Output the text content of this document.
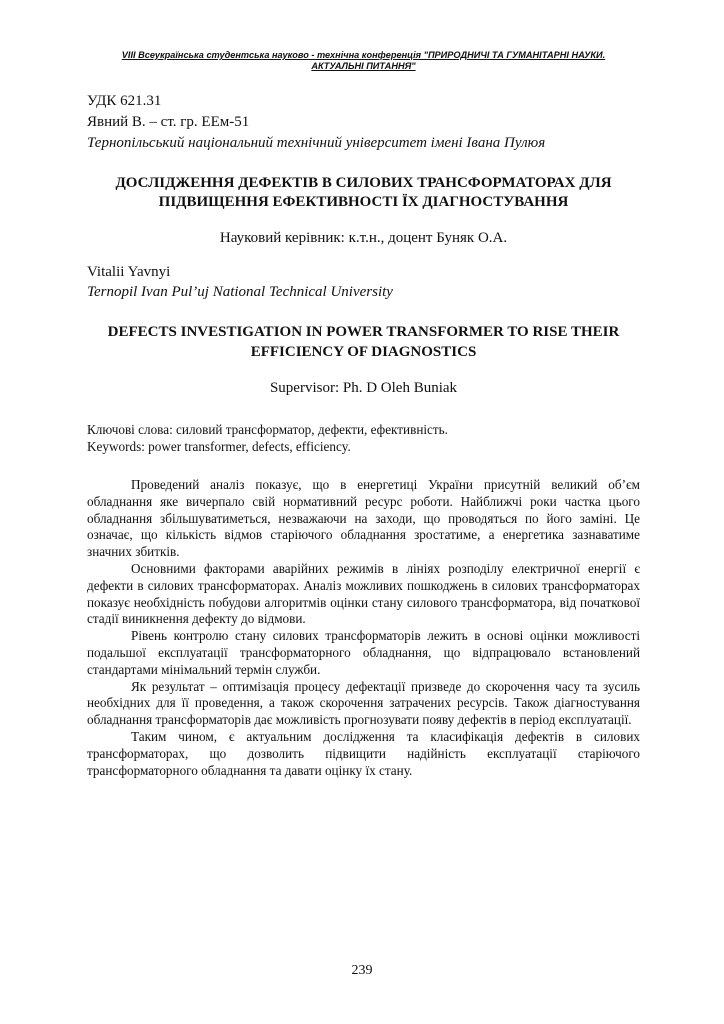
VIII Всеукраїнська студентська науково - технічна конференція "ПРИРОДНИЧІ ТА ГУМАНІТАРНІ НАУКИ. АКТУАЛЬНІ ПИТАННЯ"
УДК 621.31
Явний В. – ст. гр. ЕЕм-51
Тернопільський національний технічний університет імені Івана Пулюя
ДОСЛІДЖЕННЯ ДЕФЕКТІВ В СИЛОВИХ ТРАНСФОРМАТОРАХ ДЛЯ ПІДВИЩЕННЯ ЕФЕКТИВНОСТІ ЇХ ДІАГНОСТУВАННЯ
Науковий керівник: к.т.н., доцент Буняк О.А.
Vitalii Yavnyi
Ternopil Ivan Pul’uj National Technical University
DEFECTS INVESTIGATION IN POWER TRANSFORMER TO RISE THEIR EFFICIENCY OF DIAGNOSTICS
Supervisor: Ph. D Oleh Buniak
Ключові слова: силовий трансформатор, дефекти, ефективність.
Keywords: power transformer, defects, efficiency.

Проведений аналіз показує, що в енергетиці України присутній великий об’єм обладнання яке вичерпало свій нормативний ресурс роботи. Найближчі роки частка цього обладнання збільшуватиметься, незважаючи на заходи, що проводяться по його заміні. Це означає, що кількість відмов старіючого обладнання зростатиме, а енергетика зазнаватиме значних збитків.

Основними факторами аварійних режимів в лініях розподілу електричної енергії є дефекти в силових трансформаторах. Аналіз можливих пошкоджень в силових трансформаторах показує необхідність побудови алгоритмів оцінки стану силового трансформатора, від початкової стадії виникнення дефекту до відмови.

Рівень контролю стану силових трансформаторів лежить в основі оцінки можливості подальшої експлуатації трансформаторного обладнання, що відпрацювало встановлений стандартами мінімальний термін служби.

Як результат – оптимізація процесу дефектації призведе до скорочення часу та зусиль необхідних для її проведення, а також скорочення затрачених ресурсів. Також діагностування обладнання трансформаторів дає можливість прогнозувати появу дефектів в період експлуатації.

Таким чином, є актуальним дослідження та класифікація дефектів в силових трансформаторах, що дозволить підвищити надійність експлуатації старіючого трансформаторного обладнання та давати оцінку їх стану.

239
